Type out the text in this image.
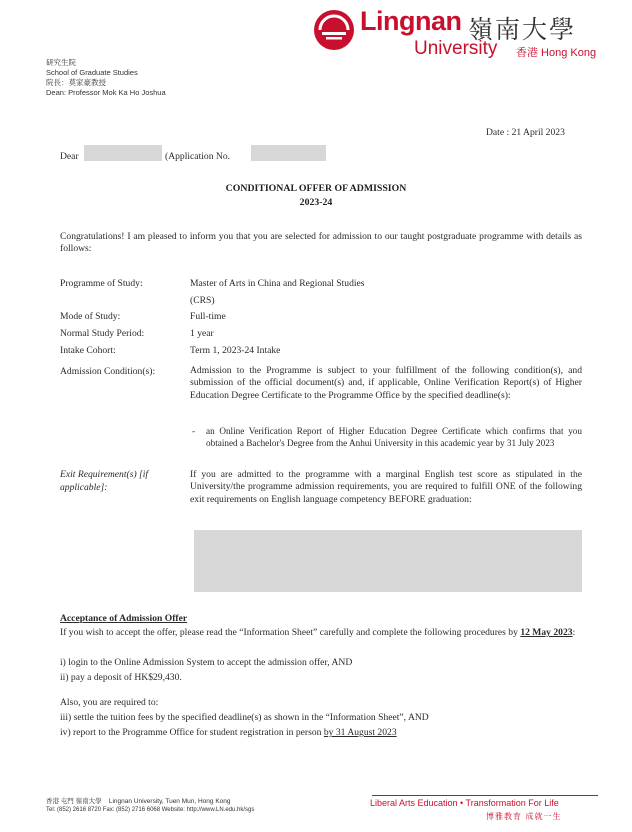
Lingnan 嶺南大學
University 香港 Hong Kong
研究生院
School of Graduate Studies
院長：莫家豪教授
Dean: Professor Mok Ka Ho Joshua
Date : 21 April 2023
Dear	(Application No.
CONDITIONAL OFFER OF ADMISSION
2023-24
Congratulations! I am pleased to inform you that you are selected for admission to our taught postgraduate programme with details as follows:
Programme of Study:	Master of Arts in China and Regional Studies
(CRS)
Mode of Study:	Full-time
Normal Study Period:	1 year
Intake Cohort:	Term 1, 2023-24 Intake
Admission Condition(s):	Admission to the Programme is subject to your fulfillment of the following condition(s), and submission of the official document(s) and, if applicable, Online Verification Report(s) of Higher Education Degree Certificate to the Programme Office by the specified deadline(s):
- an Online Verification Report of Higher Education Degree Certificate which confirms that you obtained a Bachelor's Degree from the Anhui University in this academic year by 31 July 2023
Exit Requirement(s) [if
applicable]:
If you are admitted to the programme with a marginal English test score as stipulated in the University/the programme admission requirements, you are required to fulfill ONE of the following exit requirements on English language competency BEFORE graduation:
Acceptance of Admission Offer
If you wish to accept the offer, please read the “Information Sheet” carefully and complete the following procedures by 12 May 2023:
i) login to the Online Admission System to accept the admission offer, AND
ii) pay a deposit of HK$29,430.
Also, you are required to:
iii) settle the tuition fees by the specified deadline(s) as shown in the “Information Sheet”, AND
iv) report to the Programme Office for student registration in person by 31 August 2023
香港 屯門 嶺南大學 Lingnan University, Tuen Mun, Hong Kong
Tel: (852) 2616 8720 Fax: (852) 2716 6068 Website: http://www.LN.edu.hk/sgs
Liberal Arts Education • Transformation For Life
博雅教育 成就一生
